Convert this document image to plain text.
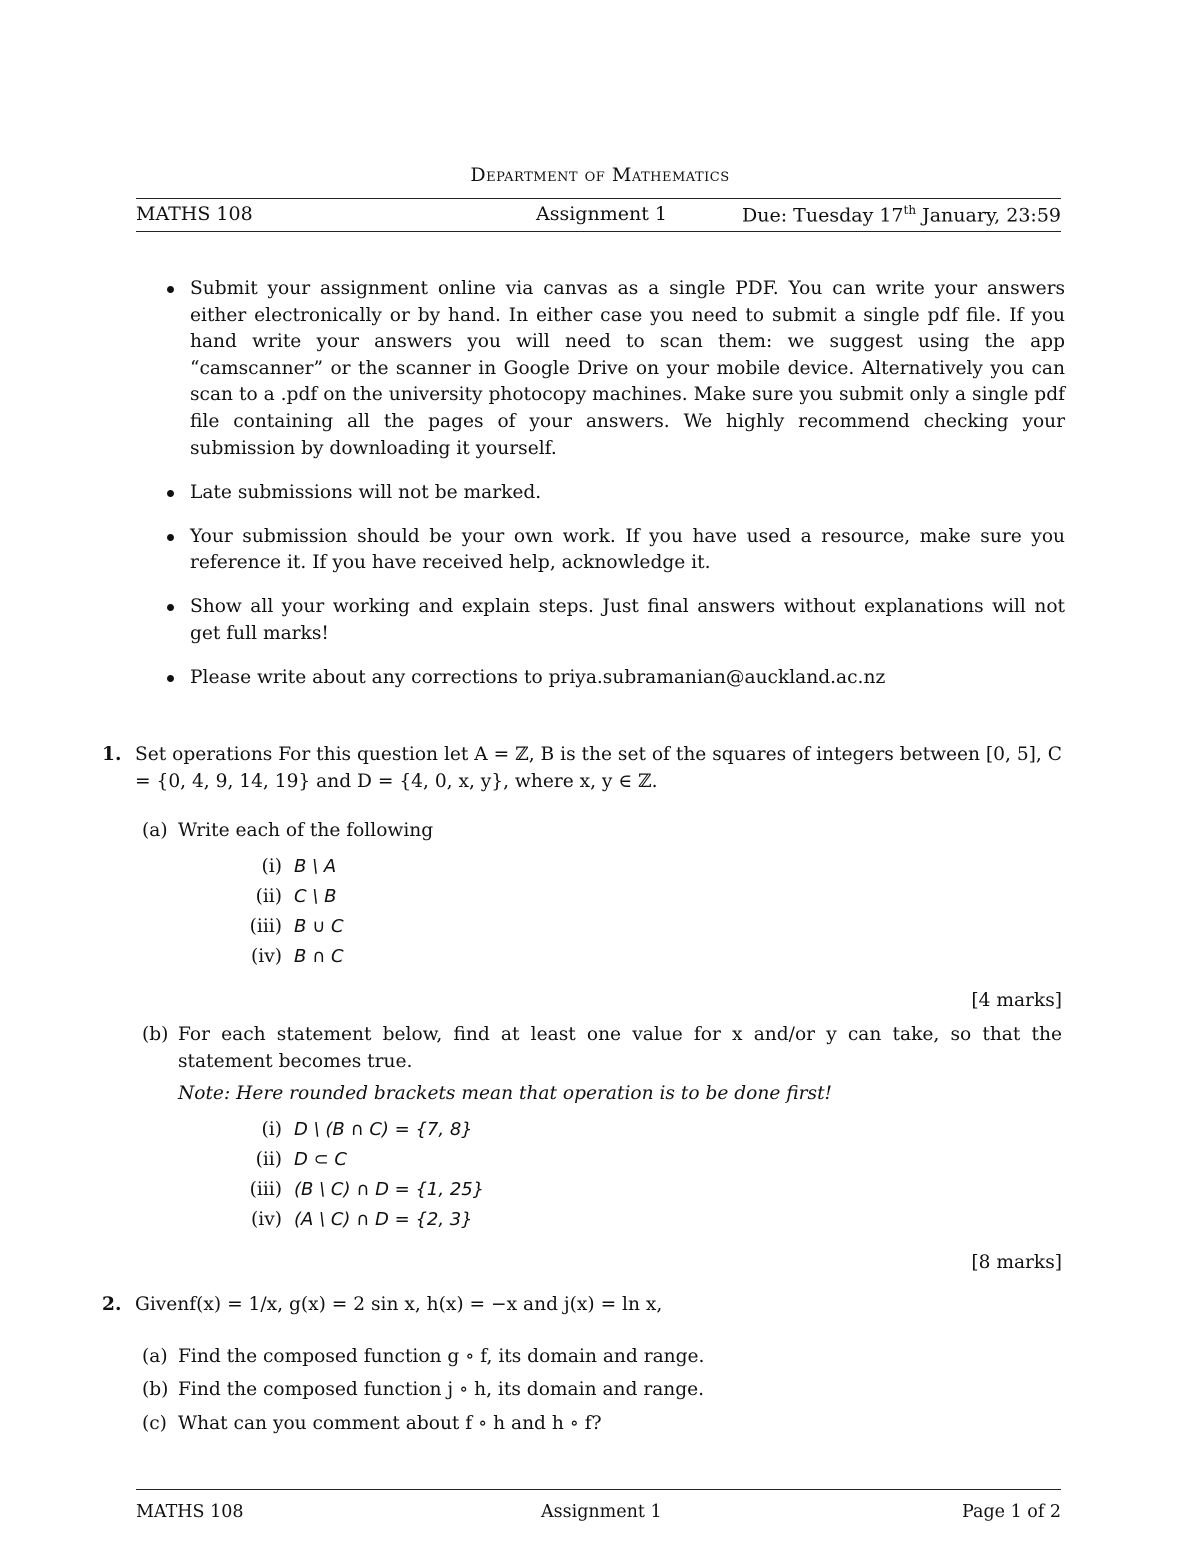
Department of Mathematics
MATHS 108	Assignment 1	Due: Tuesday 17th January, 23:59
Submit your assignment online via canvas as a single PDF. You can write your answers either electronically or by hand. In either case you need to submit a single pdf file. If you hand write your answers you will need to scan them: we suggest using the app “camscanner” or the scanner in Google Drive on your mobile device. Alternatively you can scan to a .pdf on the university photocopy machines. Make sure you submit only a single pdf file containing all the pages of your answers. We highly recommend checking your submission by downloading it yourself.
Late submissions will not be marked.
Your submission should be your own work. If you have used a resource, make sure you reference it. If you have received help, acknowledge it.
Show all your working and explain steps. Just final answers without explanations will not get full marks!
Please write about any corrections to priya.subramanian@auckland.ac.nz
1. Set operations For this question let A = ℤ, B is the set of the squares of integers between [0, 5], C = {0, 4, 9, 14, 19} and D = {4, 0, x, y}, where x, y ∈ ℤ.
(a) Write each of the following
(i) B \ A
(ii) C \ B
(iii) B ∪ C
(iv) B ∩ C
[4 marks]
(b) For each statement below, find at least one value for x and/or y can take, so that the statement becomes true.
Note: Here rounded brackets mean that operation is to be done first!
(i) D \ (B ∩ C) = {7, 8}
(ii) D ⊂ C
(iii) (B \ C) ∩ D = {1, 25}
(iv) (A \ C) ∩ D = {2, 3}
[8 marks]
2. Givenf(x) = 1/x, g(x) = 2 sin x, h(x) = −x and j(x) = ln x,
(a) Find the composed function g ∘ f, its domain and range.
(b) Find the composed function j ∘ h, its domain and range.
(c) What can you comment about f ∘ h and h ∘ f?
MATHS 108	Assignment 1	Page 1 of 2
